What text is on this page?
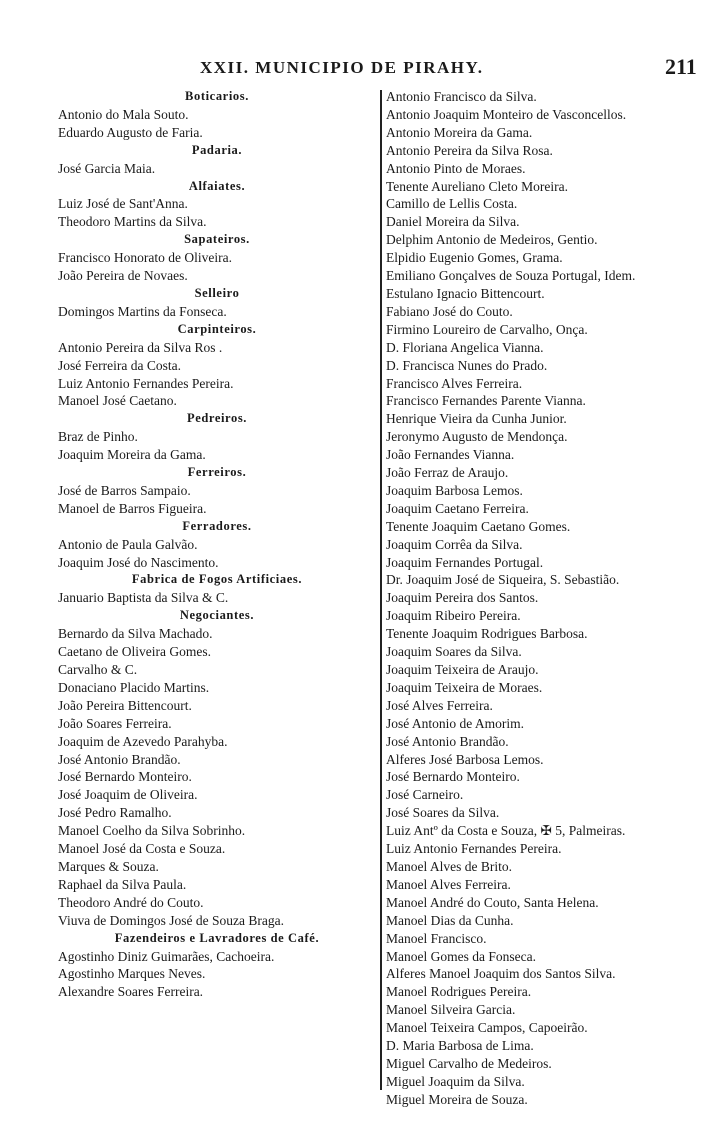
XXII. MUNICIPIO DE PIRAHY.	211
Boticarios.
Antonio do Mala Souto.
Eduardo Augusto de Faria.
Padaria.
José Garcia Maia.
Alfaiates.
Luiz José de Sant'Anna.
Theodoro Martins da Silva.
Sapateiros.
Francisco Honorato de Oliveira.
João Pereira de Novaes.
Selleiro
Domingos Martins da Fonseca.
Carpinteiros.
Antonio Pereira da Silva Ros .
José Ferreira da Costa.
Luiz Antonio Fernandes Pereira.
Manoel José Caetano.
Pedreiros.
Braz de Pinho.
Joaquim Moreira da Gama.
Ferreiros.
José de Barros Sampaio.
Manoel de Barros Figueira.
Ferradores.
Antonio de Paula Galvão.
Joaquim José do Nascimento.
Fabrica de Fogos Artificiaes.
Januario Baptista da Silva & C.
Negociantes.
Bernardo da Silva Machado.
Caetano de Oliveira Gomes.
Carvalho & C.
Donaciano Placido Martins.
João Pereira Bittencourt.
João Soares Ferreira.
Joaquim de Azevedo Parahyba.
José Antonio Brandão.
José Bernardo Monteiro.
José Joaquim de Oliveira.
José Pedro Ramalho.
Manoel Coelho da Silva Sobrinho.
Manoel José da Costa e Souza.
Marques & Souza.
Raphael da Silva Paula.
Theodoro André do Couto.
Viuva de Domingos José de Souza Braga.
Fazendeiros e Lavradores de Café.
Agostinho Diniz Guimarães, Cachoeira.
Agostinho Marques Neves.
Alexandre Soares Ferreira.
Antonio Francisco da Silva.
Antonio Joaquim Monteiro de Vasconcellos.
Antonio Moreira da Gama.
Antonio Pereira da Silva Rosa.
Antonio Pinto de Moraes.
Tenente Aureliano Cleto Moreira.
Camillo de Lellis Costa.
Daniel Moreira da Silva.
Delphim Antonio de Medeiros, Gentio.
Elpidio Eugenio Gomes, Grama.
Emiliano Gonçalves de Souza Portugal, Idem.
Estulano Ignacio Bittencourt.
Fabiano José do Couto.
Firmino Loureiro de Carvalho, Onça.
D. Floriana Angelica Vianna.
D. Francisca Nunes do Prado.
Francisco Alves Ferreira.
Francisco Fernandes Parente Vianna.
Henrique Vieira da Cunha Junior.
Jeronymo Augusto de Mendonça.
João Fernandes Vianna.
João Ferraz de Araujo.
Joaquim Barbosa Lemos.
Joaquim Caetano Ferreira.
Tenente Joaquim Caetano Gomes.
Joaquim Corrêa da Silva.
Joaquim Fernandes Portugal.
Dr. Joaquim José de Siqueira, S. Sebastião.
Joaquim Pereira dos Santos.
Joaquim Ribeiro Pereira.
Tenente Joaquim Rodrigues Barbosa.
Joaquim Soares da Silva.
Joaquim Teixeira de Araujo.
Joaquim Teixeira de Moraes.
José Alves Ferreira.
José Antonio de Amorim.
José Antonio Brandão.
Alferes José Barbosa Lemos.
José Bernardo Monteiro.
José Carneiro.
José Soares da Silva.
Luiz Antº da Costa e Souza, ✠ 5, Palmeiras.
Luiz Antonio Fernandes Pereira.
Manoel Alves de Brito.
Manoel Alves Ferreira.
Manoel André do Couto, Santa Helena.
Manoel Dias da Cunha.
Manoel Francisco.
Manoel Gomes da Fonseca.
Alferes Manoel Joaquim dos Santos Silva.
Manoel Rodrigues Pereira.
Manoel Silveira Garcia.
Manoel Teixeira Campos, Capoeirão.
D. Maria Barbosa de Lima.
Miguel Carvalho de Medeiros.
Miguel Joaquim da Silva.
Miguel Moreira de Souza.
